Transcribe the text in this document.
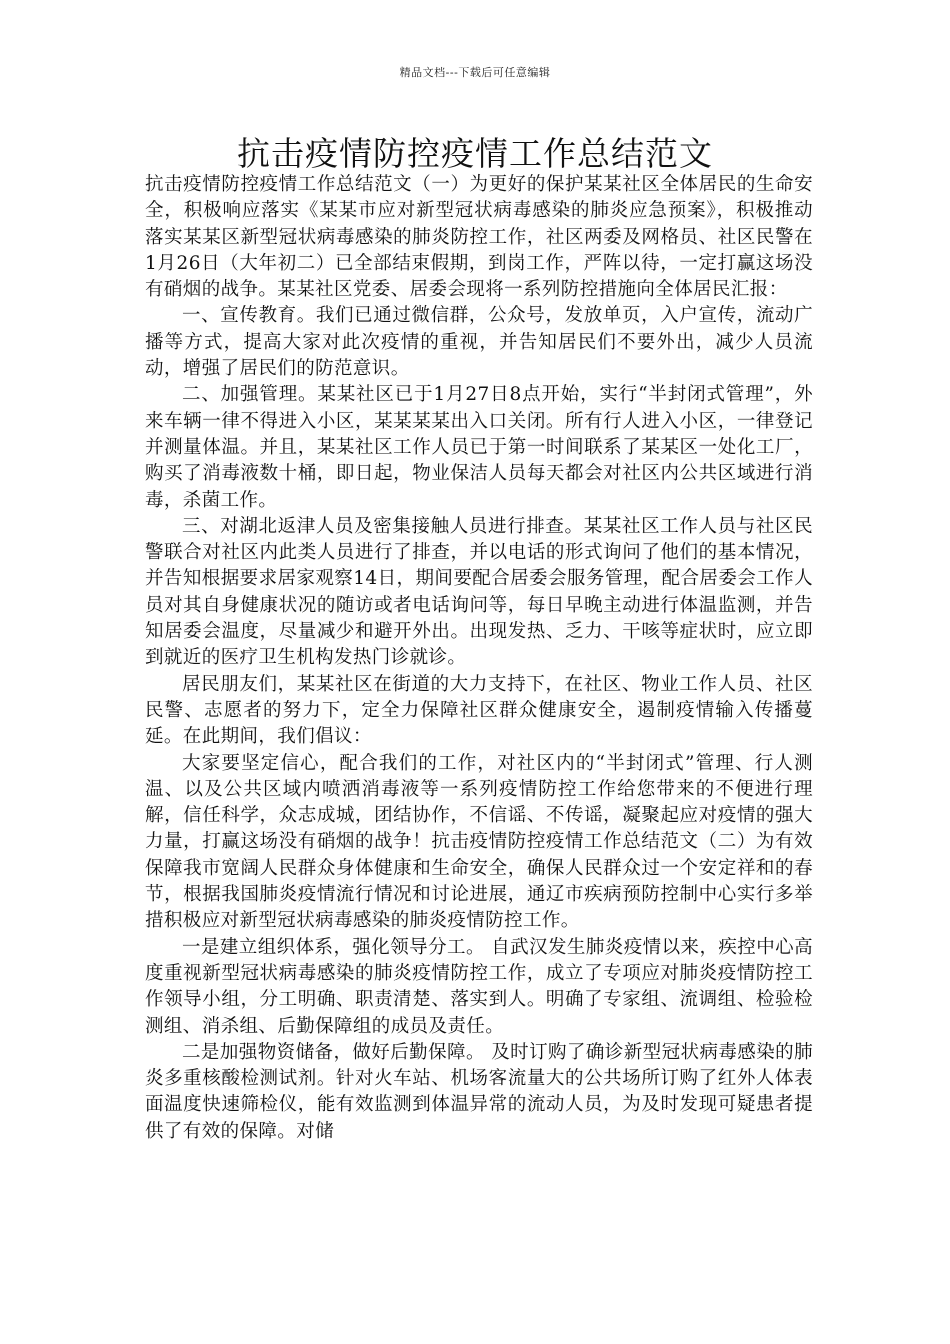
精品文档---下载后可任意编辑
抗击疫情防控疫情工作总结范文

抗击疫情防控疫情工作总结范文（一）为更好的保护某某社区全体居民的生命安全，积极响应落实《某某市应对新型冠状病毒感染的肺炎应急预案》，积极推动落实某某区新型冠状病毒感染的肺炎防控工作，社区两委及网格员、社区民警在1月26日（大年初二）已全部结束假期，到岗工作，严阵以待，一定打赢这场没有硝烟的战争。某某社区党委、居委会现将一系列防控措施向全体居民汇报：

一、宣传教育。我们已通过微信群，公众号，发放单页，入户宣传，流动广播等方式，提高大家对此次疫情的重视，并告知居民们不要外出，减少人员流动，增强了居民们的防范意识。

二、加强管理。某某社区已于1月27日8点开始，实行“半封闭式管理”，外来车辆一律不得进入小区，某某某某出入口关闭。所有行人进入小区，一律登记并测量体温。并且，某某社区工作人员已于第一时间联系了某某区一处化工厂，购买了消毒液数十桶，即日起，物业保洁人员每天都会对社区内公共区域进行消毒，杀菌工作。

三、对湖北返津人员及密集接触人员进行排查。某某社区工作人员与社区民警联合对社区内此类人员进行了排查，并以电话的形式询问了他们的基本情况，并告知根据要求居家观察14日，期间要配合居委会服务管理，配合居委会工作人员对其自身健康状况的随访或者电话询问等，每日早晚主动进行体温监测，并告知居委会温度，尽量减少和避开外出。出现发热、乏力、干咳等症状时，应立即到就近的医疗卫生机构发热门诊就诊。

居民朋友们，某某社区在街道的大力支持下，在社区、物业工作人员、社区民警、志愿者的努力下，定全力保障社区群众健康安全，遏制疫情输入传播蔓延。在此期间，我们倡议：

大家要坚定信心，配合我们的工作，对社区内的“半封闭式”管理、行人测温、以及公共区域内喷洒消毒液等一系列疫情防控工作给您带来的不便进行理解，信任科学，众志成城，团结协作，不信谣、不传谣，凝聚起应对疫情的强大力量，打赢这场没有硝烟的战争！抗击疫情防控疫情工作总结范文（二）为有效保障我市宽阔人民群众身体健康和生命安全，确保人民群众过一个安定祥和的春节，根据我国肺炎疫情流行情况和讨论进展，通辽市疾病预防控制中心实行多举措积极应对新型冠状病毒感染的肺炎疫情防控工作。

一是建立组织体系，强化领导分工。 自武汉发生肺炎疫情以来，疾控中心高度重视新型冠状病毒感染的肺炎疫情防控工作，成立了专项应对肺炎疫情防控工作领导小组，分工明确、职责清楚、落实到人。明确了专家组、流调组、检验检测组、消杀组、后勤保障组的成员及责任。

二是加强物资储备，做好后勤保障。 及时订购了确诊新型冠状病毒感染的肺炎多重核酸检测试剂。针对火车站、机场客流量大的公共场所订购了红外人体表面温度快速筛检仪，能有效监测到体温异常的流动人员，为及时发现可疑患者提供了有效的保障。对储
